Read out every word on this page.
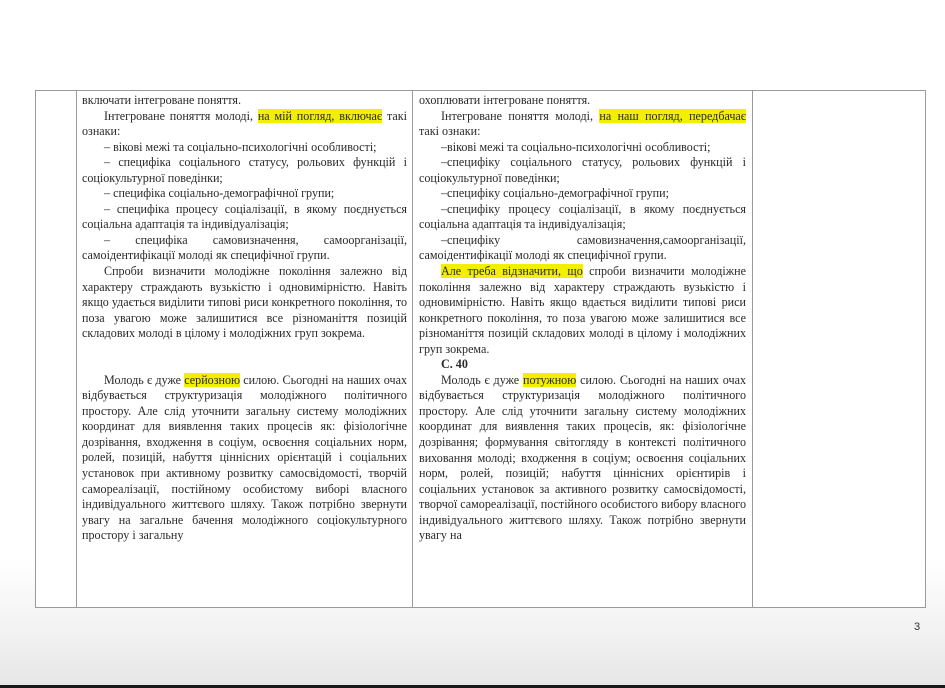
включати інтегроване поняття.

Інтегроване поняття молоді, на мій погляд, включає такі ознаки:

– вікові межі та соціально-психологічні особливості;

– специфіка соціального статусу, рольових функцій і соціокультурної поведінки;

– специфіка соціально-демографічної групи;

– специфіка процесу соціалізації, в якому поєднується соціальна адаптація та індивідуалізація;

– специфіка самовизначення, самоорганізації, самоідентифікації молоді як специфічної групи.

Спроби визначити молодіжне покоління залежно від характеру страждають вузькістю і одновимірністю. Навіть якщо удається виділити типові риси конкретного покоління, то поза увагою може залишитися все різноманіття позицій складових молоді в цілому і молодіжних груп зокрема.

Молодь є дуже серйозною силою. Сьогодні на наших очах відбувається структуризація молодіжного політичного простору. Але слід уточнити загальну систему молодіжних координат для виявлення таких процесів як: фізіологічне дозрівання, входження в соціум, освоєння соціальних норм, ролей, позицій, набуття ціннісних орієнтацій і соціальних установок при активному розвитку самосвідомості, творчій самореалізації, постійному особистому виборі власного індивідуального життєвого шляху. Також потрібно звернути увагу на загальне бачення молодіжного соціокультурного простору і загальну

охоплювати інтегроване поняття.

Інтегроване поняття молоді, на наш погляд, передбачає такі ознаки:

–вікові межі та соціально-психологічні особливості;

–специфіку соціального статусу, рольових функцій і соціокультурної поведінки;

–специфіку соціально-демографічної групи;

–специфіку процесу соціалізації, в якому поєднується соціальна адаптація та індивідуалізація;

–специфіку самовизначення,самоорганізації, самоідентифікації молоді як специфічної групи.

Але треба відзначити, що спроби визначити молодіжне покоління залежно від характеру страждають вузькістю і одновимірністю. Навіть якщо вдається виділити типові риси конкретного покоління, то поза увагою може залишитися все різноманіття позицій складових молоді в цілому і молодіжних груп зокрема.

С. 40

Молодь є дуже потужною силою. Сьогодні на наших очах відбувається структуризація молодіжного політичного простору. Але слід уточнити загальну систему молодіжних координат для виявлення таких процесів, як: фізіологічне дозрівання; формування світогляду в контексті політичного виховання молоді; входження в соціум; освоєння соціальних норм, ролей, позицій; набуття ціннісних орієнтирів і соціальних установок за активного розвитку самосвідомості, творчої самореалізації, постійного особистого вибору власного індивідуального життєвого шляху. Також потрібно звернути увагу на

3
